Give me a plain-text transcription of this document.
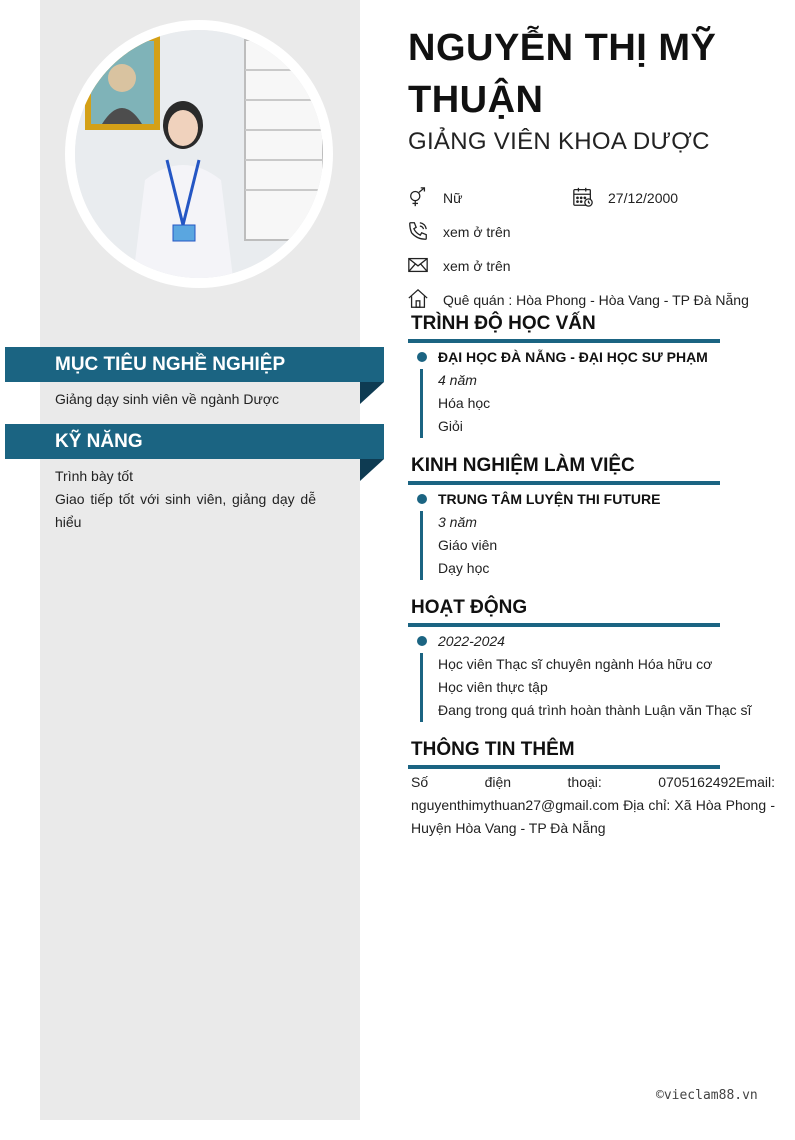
MỤC TIÊU NGHỀ NGHIỆP
Giảng dạy sinh viên về ngành Dược
KỸ NĂNG
Trình bày tốt
Giao tiếp tốt với sinh viên, giảng dạy dễ hiểu
NGUYỄN THỊ MỸ THUẬN
GIẢNG VIÊN KHOA DƯỢC
Nữ	27/12/2000
xem ở trên
xem ở trên
Quê quán : Hòa Phong - Hòa Vang - TP Đà Nẵng
TRÌNH ĐỘ HỌC VẤN
ĐẠI HỌC ĐÀ NẴNG - ĐẠI HỌC SƯ PHẠM
4 năm
Hóa học
Giỏi
KINH NGHIỆM LÀM VIỆC
TRUNG TÂM LUYỆN THI FUTURE
3 năm
Giáo viên
Dạy học
HOẠT ĐỘNG
2022-2024
Học viên Thạc sĩ chuyên ngành Hóa hữu cơ
Học viên thực tập
Đang trong quá trình hoàn thành Luận văn Thạc sĩ
THÔNG TIN THÊM
Số điện thoại: 0705162492Email: nguyenthimythuan27@gmail.com Địa chỉ: Xã Hòa Phong - Huyện Hòa Vang - TP Đà Nẵng
©vieclam88.vn
